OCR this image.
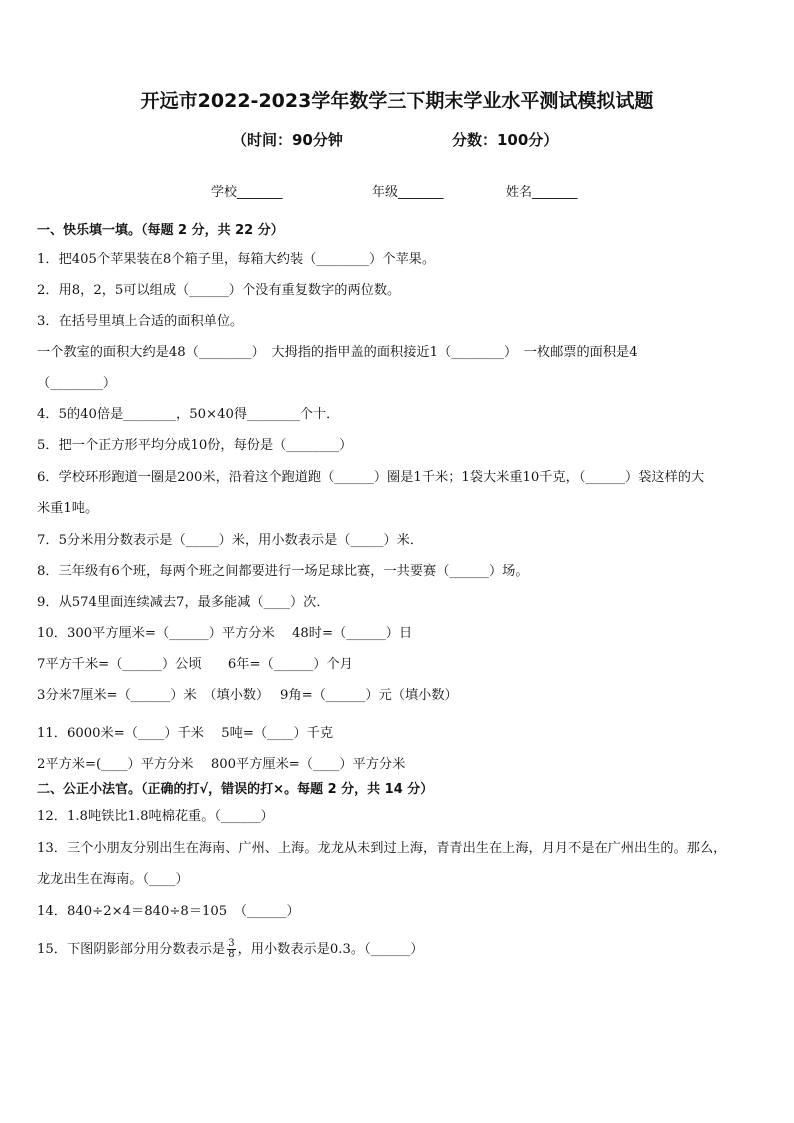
开远市2022-2023学年数学三下期末学业水平测试模拟试题
（时间：90分钟	分数：100分）
学校_______	年级_______	姓名_______
一、快乐填一填。（每题 2 分，共 22 分）
1．把405个苹果装在8个箱子里，每箱大约装（________）个苹果。
2．用8，2，5可以组成（______）个没有重复数字的两位数。
3．在括号里填上合适的面积单位。
一个教室的面积大约是48（________）　大拇指的指甲盖的面积接近1（________）　一枚邮票的面积是4
（________）
4．5的40倍是________，50×40得________个十．
5．把一个正方形平均分成10份，每份是（________）
6．学校环形跑道一圈是200米，沿着这个跑道跑（______）圈是1千米；1袋大米重10千克，（______）袋这样的大
米重1吨。
7．5分米用分数表示是（_____）米，用小数表示是（_____）米．
8．三年级有6个班，每两个班之间都要进行一场足球比赛，一共要赛（______）场。
9．从574里面连续减去7，最多能减（____）次．
10．300平方厘米=（______）平方分米　 48时=（______）日
7平方千米=（______）公顷　　6年=（______）个月
3分米7厘米=（______）米　（填小数）　 9角=（______）元（填小数）
11．6000米=（____）千米　 5吨=（____）千克
2平方米=(____）平方分米　 800平方厘米=（____）平方分米
二、公正小法官。（正确的打√，错误的打×。每题 2 分，共 14 分）
12．1.8吨铁比1.8吨棉花重。（______）
13．三个小朋友分别出生在海南、广州、上海。龙龙从未到过上海，青青出生在上海，月月不是在广州出生的。那么，
龙龙出生在海南。（____）
14．840÷2×4＝840÷8＝105　（______）
15．下图阴影部分用分数表示是 $\frac{3}{8}$ ，用小数表示是0.3。（______）
